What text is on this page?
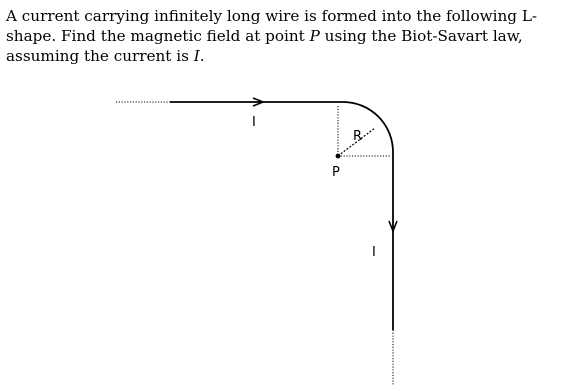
A current carrying infinitely long wire is formed into the following L-shape. Find the magnetic field at point P using the Biot-Savart law, assuming the current is I.

I
I
R
P
